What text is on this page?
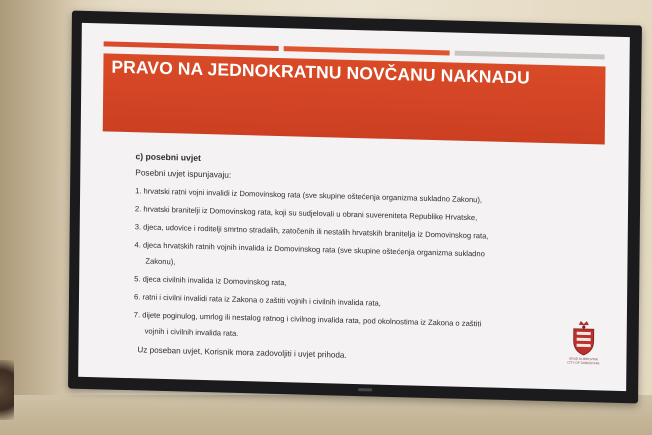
PRAVO NA JEDNOKRATNU NOVČANU NAKNADU
c) posebni uvjet
Posebni uvjet ispunjavaju:
1. hrvatski ratni vojni invalidi iz Domovinskog rata (sve skupine oštećenja organizma sukladno Zakonu),
2. hrvatski branitelji iz Domovinskog rata, koji su sudjelovali u obrani suvereniteta Republike Hrvatske,
3. djeca, udovice i roditelji smrtno stradalih, zatočenih ili nestalih hrvatskih branitelja iz Domovinskog rata,
4. djeca hrvatskih ratnih vojnih invalida iz Domovinskog rata (sve skupine oštećenja organizma sukladno
Zakonu),
5. djeca civilnih invalida iz Domovinskog rata,
6. ratni i civilni invalidi rata iz Zakona o zaštiti vojnih i civilnih invalida rata,
7. dijete poginulog, umrlog ili nestalog ratnog i civilnog invalida rata, pod okolnostima iz Zakona o zaštiti
vojnih i civilnih invalida rata.
Uz poseban uvjet, Korisnik mora zadovoljiti i uvjet prihoda.	GRAD DUBROVNIK
CITY OF DUBROVNIK
